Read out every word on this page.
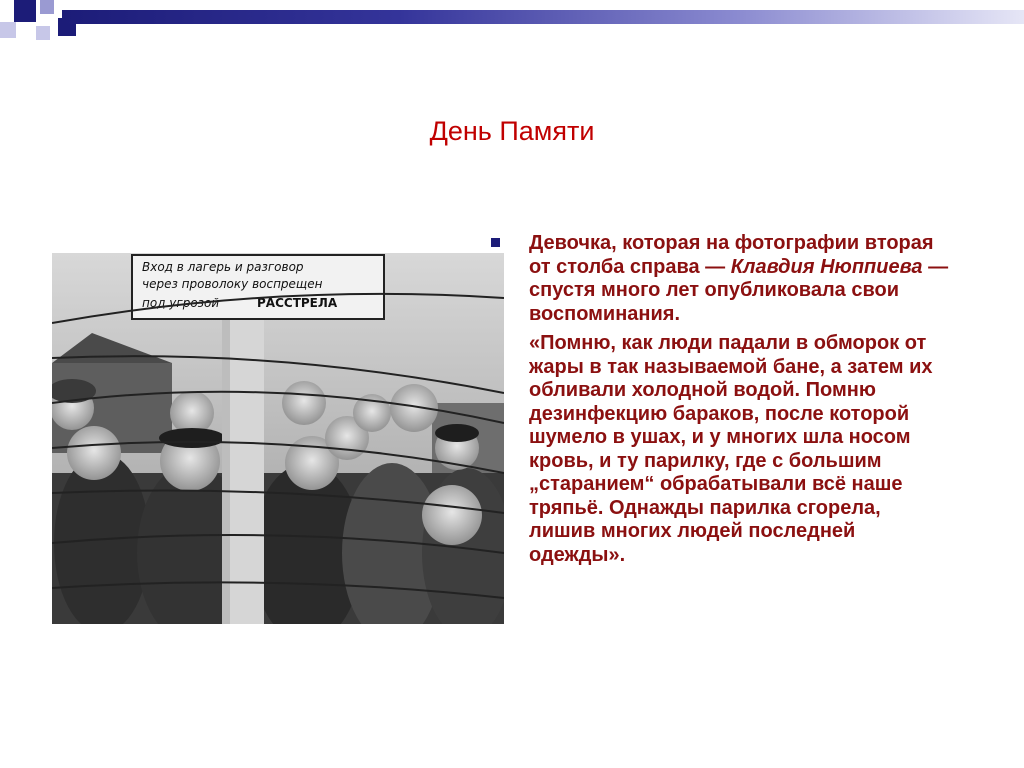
День Памяти
Вход в лагерь и разговор
через проволоку воспрещен
под угрозой	РАССТРЕЛА

Девочка, которая на фотографии вторая от столба справа — Клавдия Нюппиева — спустя много лет опубликовала свои воспоминания.

«Помню, как люди падали в обморок от жары в так называемой бане, а затем их обливали холодной водой. Помню дезинфекцию бараков, после которой шумело в ушах, и у многих шла носом кровь, и ту парилку, где с большим „старанием“ обрабатывали всё наше тряпьё. Однажды парилка сгорела, лишив многих людей последней одежды».
